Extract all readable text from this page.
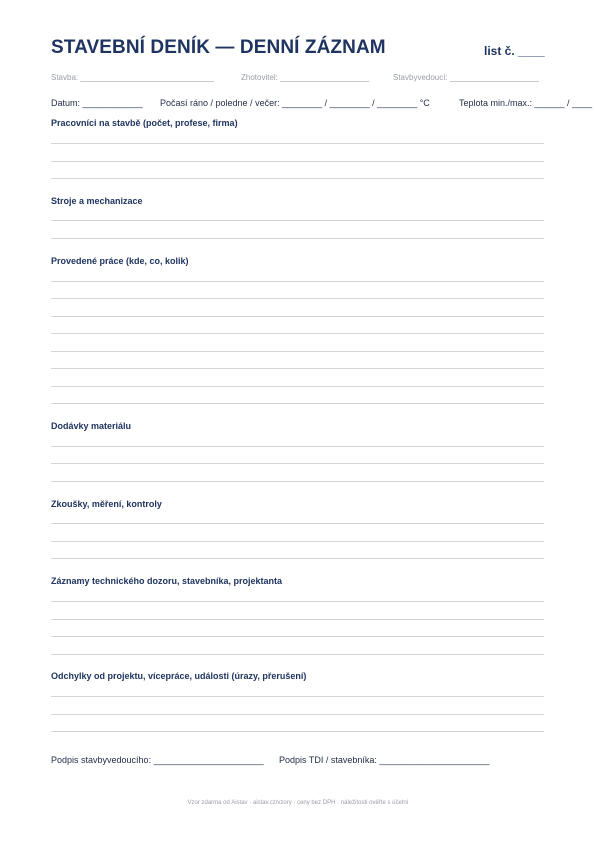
STAVEBNÍ DENÍK — DENNÍ ZÁZNAM	list č. ____
Stavba: ______________________________	Zhotovitel: ____________________	Stavbyvedoucí: ____________________
Datum: ____________ Počasí ráno / poledne / večer: ________ / ________ / ________ °C	Teplota min./max.: ______ / ____
Pracovníci na stavbě (počet, profese, firma)
Stroje a mechanizace
Provedené práce (kde, co, kolik)
Dodávky materiálu
Zkoušky, měření, kontroly
Záznamy technického dozoru, stavebníka, projektanta
Odchylky od projektu, vícepráce, události (úrazy, přerušení)
Podpis stavbyvedoucího: ______________________ Podpis TDI / stavebníka: ______________________
Vzor zdarma od Aistav · aistav.cz/vzory · ceny bez DPH · náležitosti ověřte s účetní
